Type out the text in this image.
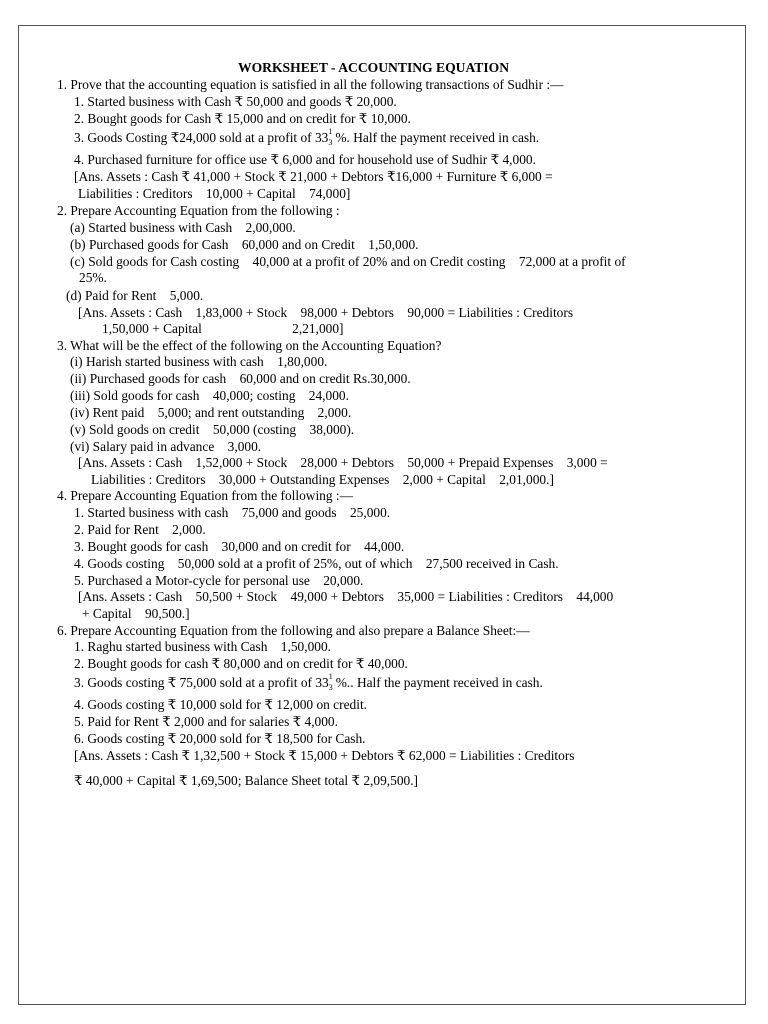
WORKSHEET - ACCOUNTING EQUATION
1. Prove that the accounting equation is satisfied in all the following transactions of Sudhir :—
1. Started business with Cash ₹ 50,000 and goods ₹ 20,000.
2. Bought goods for Cash ₹ 15,000 and on credit for ₹ 10,000.
3. Goods Costing ₹24,000 sold at a profit of 33 1
3 %. Half the payment received in cash.
4. Purchased furniture for office use ₹ 6,000 and for household use of Sudhir ₹ 4,000.
[Ans. Assets : Cash ₹ 41,000 + Stock ₹ 21,000 + Debtors ₹16,000 + Furniture ₹ 6,000 =
Liabilities : Creditors    10,000 + Capital    74,000]
2. Prepare Accounting Equation from the following :
(a) Started business with Cash    2,00,000.
(b) Purchased goods for Cash    60,000 and on Credit    1,50,000.
(c) Sold goods for Cash costing    40,000 at a profit of 20% and on Credit costing    72,000 at a profit of
25%.
(d) Paid for Rent    5,000.
[Ans. Assets : Cash    1,83,000 + Stock    98,000 + Debtors    90,000 = Liabilities : Creditors
1,50,000 + Capital                           2,21,000]
3. What will be the effect of the following on the Accounting Equation?
(i) Harish started business with cash    1,80,000.
(ii) Purchased goods for cash    60,000 and on credit Rs.30,000.
(iii) Sold goods for cash    40,000; costing    24,000.
(iv) Rent paid    5,000; and rent outstanding    2,000.
(v) Sold goods on credit    50,000 (costing    38,000).
(vi) Salary paid in advance    3,000.
[Ans. Assets : Cash    1,52,000 + Stock    28,000 + Debtors    50,000 + Prepaid Expenses    3,000 =
Liabilities : Creditors    30,000 + Outstanding Expenses    2,000 + Capital    2,01,000.]
4. Prepare Accounting Equation from the following :—
1. Started business with cash    75,000 and goods    25,000.
2. Paid for Rent    2,000.
3. Bought goods for cash    30,000 and on credit for    44,000.
4. Goods costing    50,000 sold at a profit of 25%, out of which    27,500 received in Cash.
5. Purchased a Motor-cycle for personal use    20,000.
[Ans. Assets : Cash    50,500 + Stock    49,000 + Debtors    35,000 = Liabilities : Creditors    44,000
+ Capital    90,500.]
6. Prepare Accounting Equation from the following and also prepare a Balance Sheet:—
1. Raghu started business with Cash    1,50,000.
2. Bought goods for cash ₹ 80,000 and on credit for ₹ 40,000.
3. Goods costing ₹ 75,000 sold at a profit of 33 1
3 %.. Half the payment received in cash.
4. Goods costing ₹ 10,000 sold for ₹ 12,000 on credit.
5. Paid for Rent ₹ 2,000 and for salaries ₹ 4,000.
6. Goods costing ₹ 20,000 sold for ₹ 18,500 for Cash.
[Ans. Assets : Cash ₹ 1,32,500 + Stock ₹ 15,000 + Debtors ₹ 62,000 = Liabilities : Creditors
₹ 40,000 + Capital ₹ 1,69,500; Balance Sheet total ₹ 2,09,500.]
